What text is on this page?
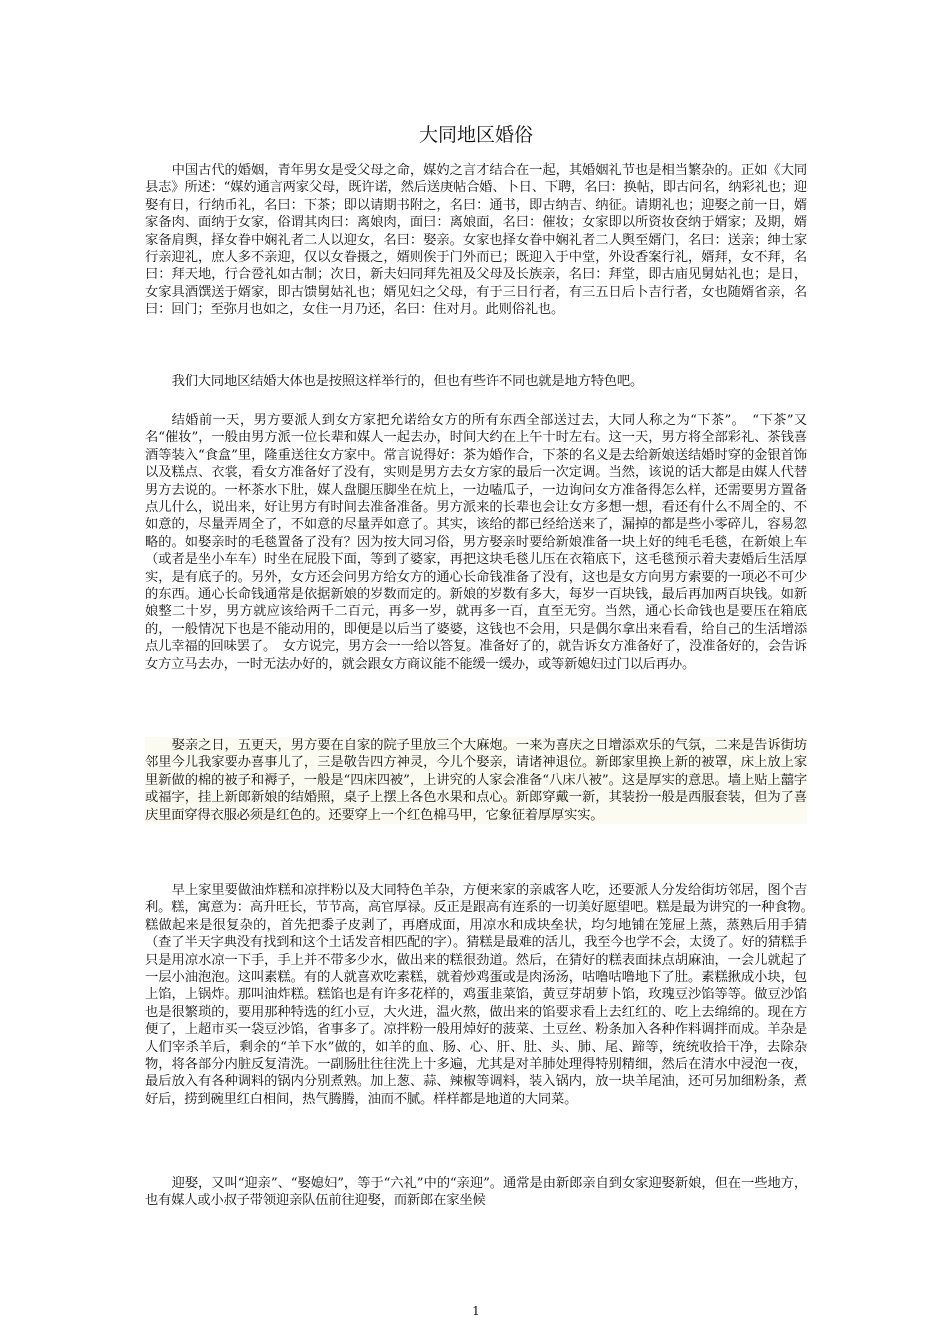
大同地区婚俗

中国古代的婚姻，青年男女是受父母之命，媒妁之言才结合在一起，其婚姻礼节也是相当繁杂的。正如《大同县志》所述：“媒妁通言两家父母，既许诺，然后送庚帖合婚、卜日、下聘，名曰：换帖，即古问名，纳彩礼也；迎娶有日，行纳币礼，名曰：下茶；即以请期书附之，名曰：通书，即古纳吉、纳征。请期礼也；迎娶之前一日，婿家备肉、面纳于女家，俗谓其肉曰：离娘肉，面曰：离娘面，名曰：催妆；女家即以所资妆奁纳于婿家；及期，婿家备肩舆，择女眷中娴礼者二人以迎女，名曰：娶亲。女家也择女眷中娴礼者二人舆至婿门，名曰：送亲；绅士家行亲迎礼，庶人多不亲迎，仅以女眷摄之，婿则俟于门外而已；既迎入于中堂，外设香案行礼，婿拜，女不拜，名曰：拜天地，行合卺礼如古制；次日，新夫妇同拜先祖及父母及长族亲，名曰：拜堂，即古庙见舅姑礼也；是日，女家具酒馔送于婿家，即古馈舅姑礼也；婿见妇之父母，有于三日行者，有三五日后卜吉行者，女也随婿省亲，名曰：回门；至弥月也如之，女住一月乃还，名曰：住对月。此则俗礼也。

我们大同地区结婚大体也是按照这样举行的，但也有些许不同也就是地方特色吧。

结婚前一天，男方要派人到女方家把允诺给女方的所有东西全部送过去，大同人称之为“下茶”。　“下茶”又名“催妆”，一般由男方派一位长辈和媒人一起去办，时间大约在上午十时左右。这一天，男方将全部彩礼、茶钱喜酒等装入“食盒”里，隆重送往女方家中。常言说得好：茶为婚作合，下茶的名义是去给新娘送结婚时穿的金银首饰以及糕点、衣裳，看女方准备好了没有，实则是男方去女方家的最后一次定调。当然，该说的话大都是由媒人代替男方去说的。一杯茶水下肚，媒人盘腿压脚坐在炕上，一边嗑瓜子，一边询问女方准备得怎么样，还需要男方置备点儿什么，说出来，好让男方有时间去准备准备。男方派来的长辈也会让女方多想一想，看还有什么不周全的、不如意的，尽量弄周全了，不如意的尽量弄如意了。其实，该给的都已经给送来了，漏掉的都是些小零碎儿，容易忽略的。如娶亲时的毛毯置备了没有？因为按大同习俗，男方娶亲时要给新娘准备一块上好的纯毛毛毯，在新娘上车（或者是坐小车车）时坐在屁股下面，等到了婆家，再把这块毛毯儿压在衣箱底下，这毛毯预示着夫妻婚后生活厚实，是有底子的。另外，女方还会问男方给女方的通心长命钱准备了没有，这也是女方向男方索要的一项必不可少的东西。通心长命钱通常是依据新娘的岁数而定的。新娘的岁数有多大，每岁一百块钱，最后再加两百块钱。如新娘整二十岁，男方就应该给两千二百元，再多一岁，就再多一百，直至无穷。当然，通心长命钱也是要压在箱底的，一般情况下也是不能动用的，即便是以后当了婆婆，这钱也不会用，只是偶尔拿出来看看，给自己的生活增添点儿幸福的回味罢了。　女方说完，男方会一一给以答复。准备好了的，就告诉女方准备好了，没准备好的，会告诉女方立马去办，一时无法办好的，就会跟女方商议能不能缓一缓办，或等新媳妇过门以后再办。

娶亲之日，五更天，男方要在自家的院子里放三个大麻炮。一来为喜庆之日增添欢乐的气氛，二来是告诉街坊邻里今儿我家要办喜事儿了，三是敬告四方神灵，今儿个娶亲，请诸神退位。新郎家里换上新的被罩，床上放上家里新做的棉的被子和褥子，一般是“四床四被”，上讲究的人家会准备“八床八被”。这是厚实的意思。墙上贴上囍字或福字，挂上新郎新娘的结婚照，桌子上摆上各色水果和点心。新郎穿戴一新，其装扮一般是西服套装，但为了喜庆里面穿得衣服必须是红色的。还要穿上一个红色棉马甲，它象征着厚厚实实。

早上家里要做油炸糕和凉拌粉以及大同特色羊杂，方便来家的亲戚客人吃，还要派人分发给街坊邻居，图个吉利。糕，寓意为：高升旺长，节节高，高官厚禄。反正是跟高有连系的一切美好愿望吧。糕是最为讲究的一种食物。　糕做起来是很复杂的，首先把黍子皮剥了，再磨成面，用凉水和成块垒状，均匀地铺在笼屉上蒸，蒸熟后用手猜（查了半天字典没有找到和这个土话发音相匹配的字）。猜糕是最难的活儿，我至今也学不会，太烫了。好的猜糕手只是用凉水凉一下手，手上并不带多少水，做出来的糕很劲道。然后，在猜好的糕表面抹点胡麻油，一会儿就起了一层小油泡泡。这叫素糕。有的人就喜欢吃素糕，就着炒鸡蛋或是肉汤汤，咕噜咕噜地下了肚。素糕揪成小块，包上馅，上锅炸。那叫油炸糕。糕馅也是有许多花样的，鸡蛋韭菜馅，黄豆芽胡萝卜馅，玫瑰豆沙馅等等。做豆沙馅也是很繁琐的，要用那种特选的红小豆，大火进，温火熬，做出来的馅要求看上去红红的、吃上去绵绵的。现在方便了，上超市买一袋豆沙馅，省事多了。凉拌粉一般用焯好的菠菜、土豆丝、粉条加入各种作料调拌而成。羊杂是人们宰杀羊后，剩余的“羊下水”做的，如羊的血、肠、心、肝、肚、头、肺、尾、蹄等，统统收拾干净，去除杂 物，将各部分内脏反复清洗。一副肠肚往往洗上十多遍，尤其是对羊肺处理得特别精细，然后在清水中浸泡一夜，最后放入有各种调料的锅内分别煮熟。加上葱、蒜、辣椒等调料，装入锅内，放一块羊尾油，还可另加细粉条，煮好后，捞到碗里红白相间，热气腾腾，油而不腻。样样都是地道的大同菜。

迎娶，又叫“迎亲”、“娶媳妇”，等于“六礼”中的“亲迎”。通常是由新郎亲自到女家迎娶新娘，但在一些地方，也有媒人或小叔子带领迎亲队伍前往迎娶，而新郎在家坐候

1
